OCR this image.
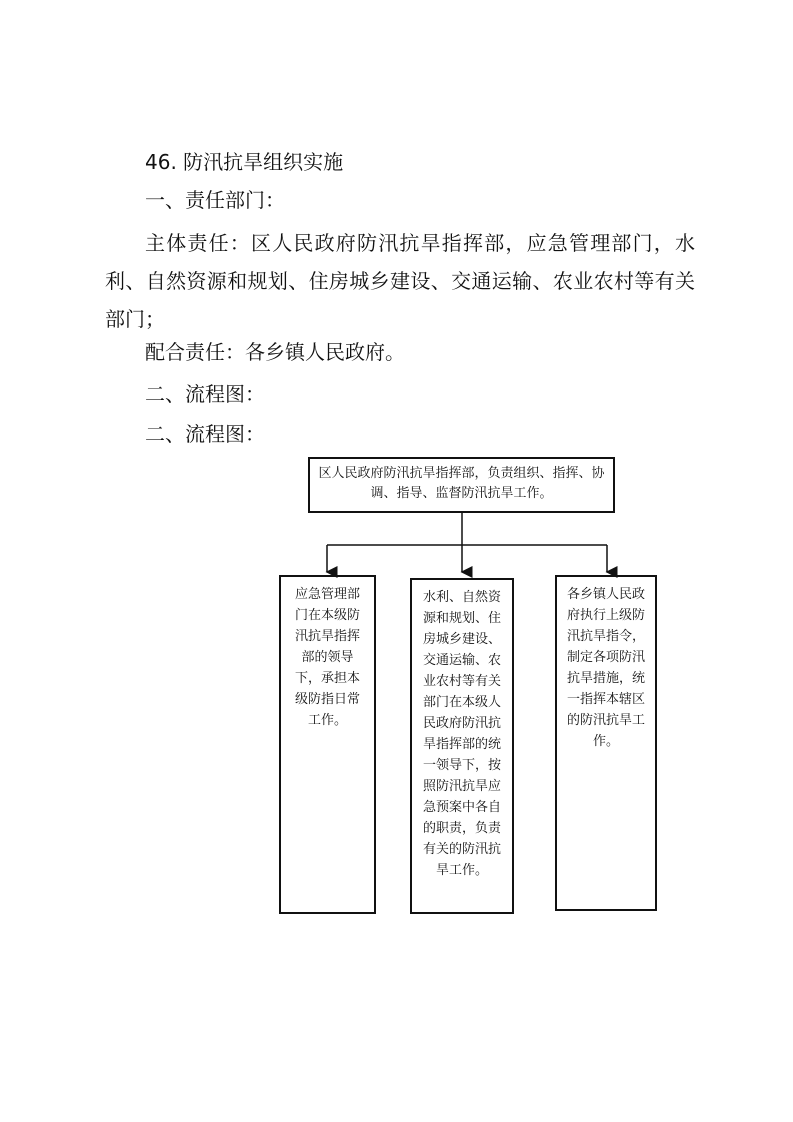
46. 防汛抗旱组织实施
一、责任部门：
主体责任：区人民政府防汛抗旱指挥部，应急管理部门，水利、自然资源和规划、住房城乡建设、交通运输、农业农村等有关部门；
配合责任：各乡镇人民政府。
二、流程图：
二、流程图：
区人民政府防汛抗旱指挥部，负责组织、指挥、协调、指导、监督防汛抗旱工作。
应急管理部门在本级防汛抗旱指挥部的领导下，承担本级防指日常工作。
水利、自然资源和规划、住房城乡建设、交通运输、农业农村等有关部门在本级人民政府防汛抗旱指挥部的统一领导下，按照防汛抗旱应急预案中各自的职责，负责有关的防汛抗旱工作。
各乡镇人民政府执行上级防汛抗旱指令，制定各项防汛抗旱措施，统一指挥本辖区的防汛抗旱工作。
